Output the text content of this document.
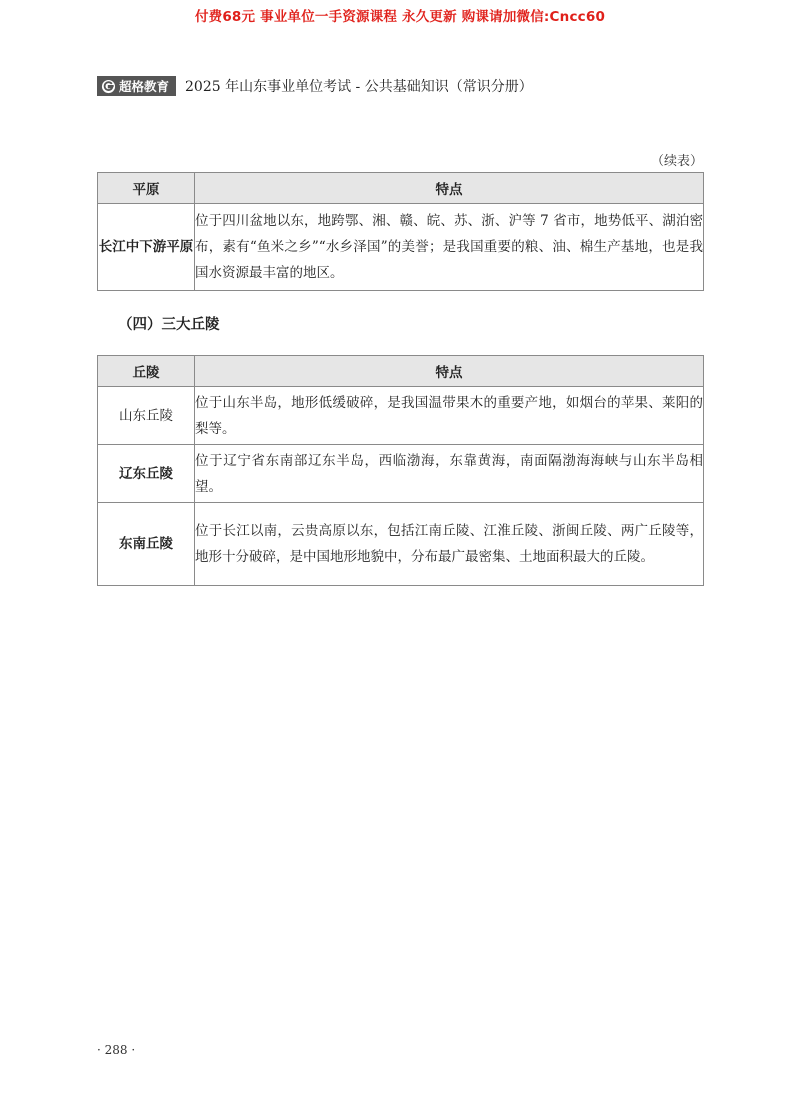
付费68元 事业单位一手资源课程 永久更新 购课请加微信:Cncc60
超格教育 2025 年山东事业单位考试 - 公共基础知识（常识分册）
（续表）
平原	特点
长江中下游平原	位于四川盆地以东，地跨鄂、湘、赣、皖、苏、浙、沪等 7 省市，地势低平、湖泊密布，素有“鱼米之乡”“水乡泽国”的美誉；是我国重要的粮、油、棉生产基地，也是我国水资源最丰富的地区。
（四）三大丘陵
丘陵	特点
山东丘陵	位于山东半岛，地形低缓破碎，是我国温带果木的重要产地，如烟台的苹果、莱阳的梨等。
辽东丘陵	位于辽宁省东南部辽东半岛，西临渤海，东靠黄海，南面隔渤海海峡与山东半岛相望。
东南丘陵	位于长江以南，云贵高原以东，包括江南丘陵、江淮丘陵、浙闽丘陵、两广丘陵等，地形十分破碎，是中国地形地貌中，分布最广最密集、土地面积最大的丘陵。
· 288 ·
